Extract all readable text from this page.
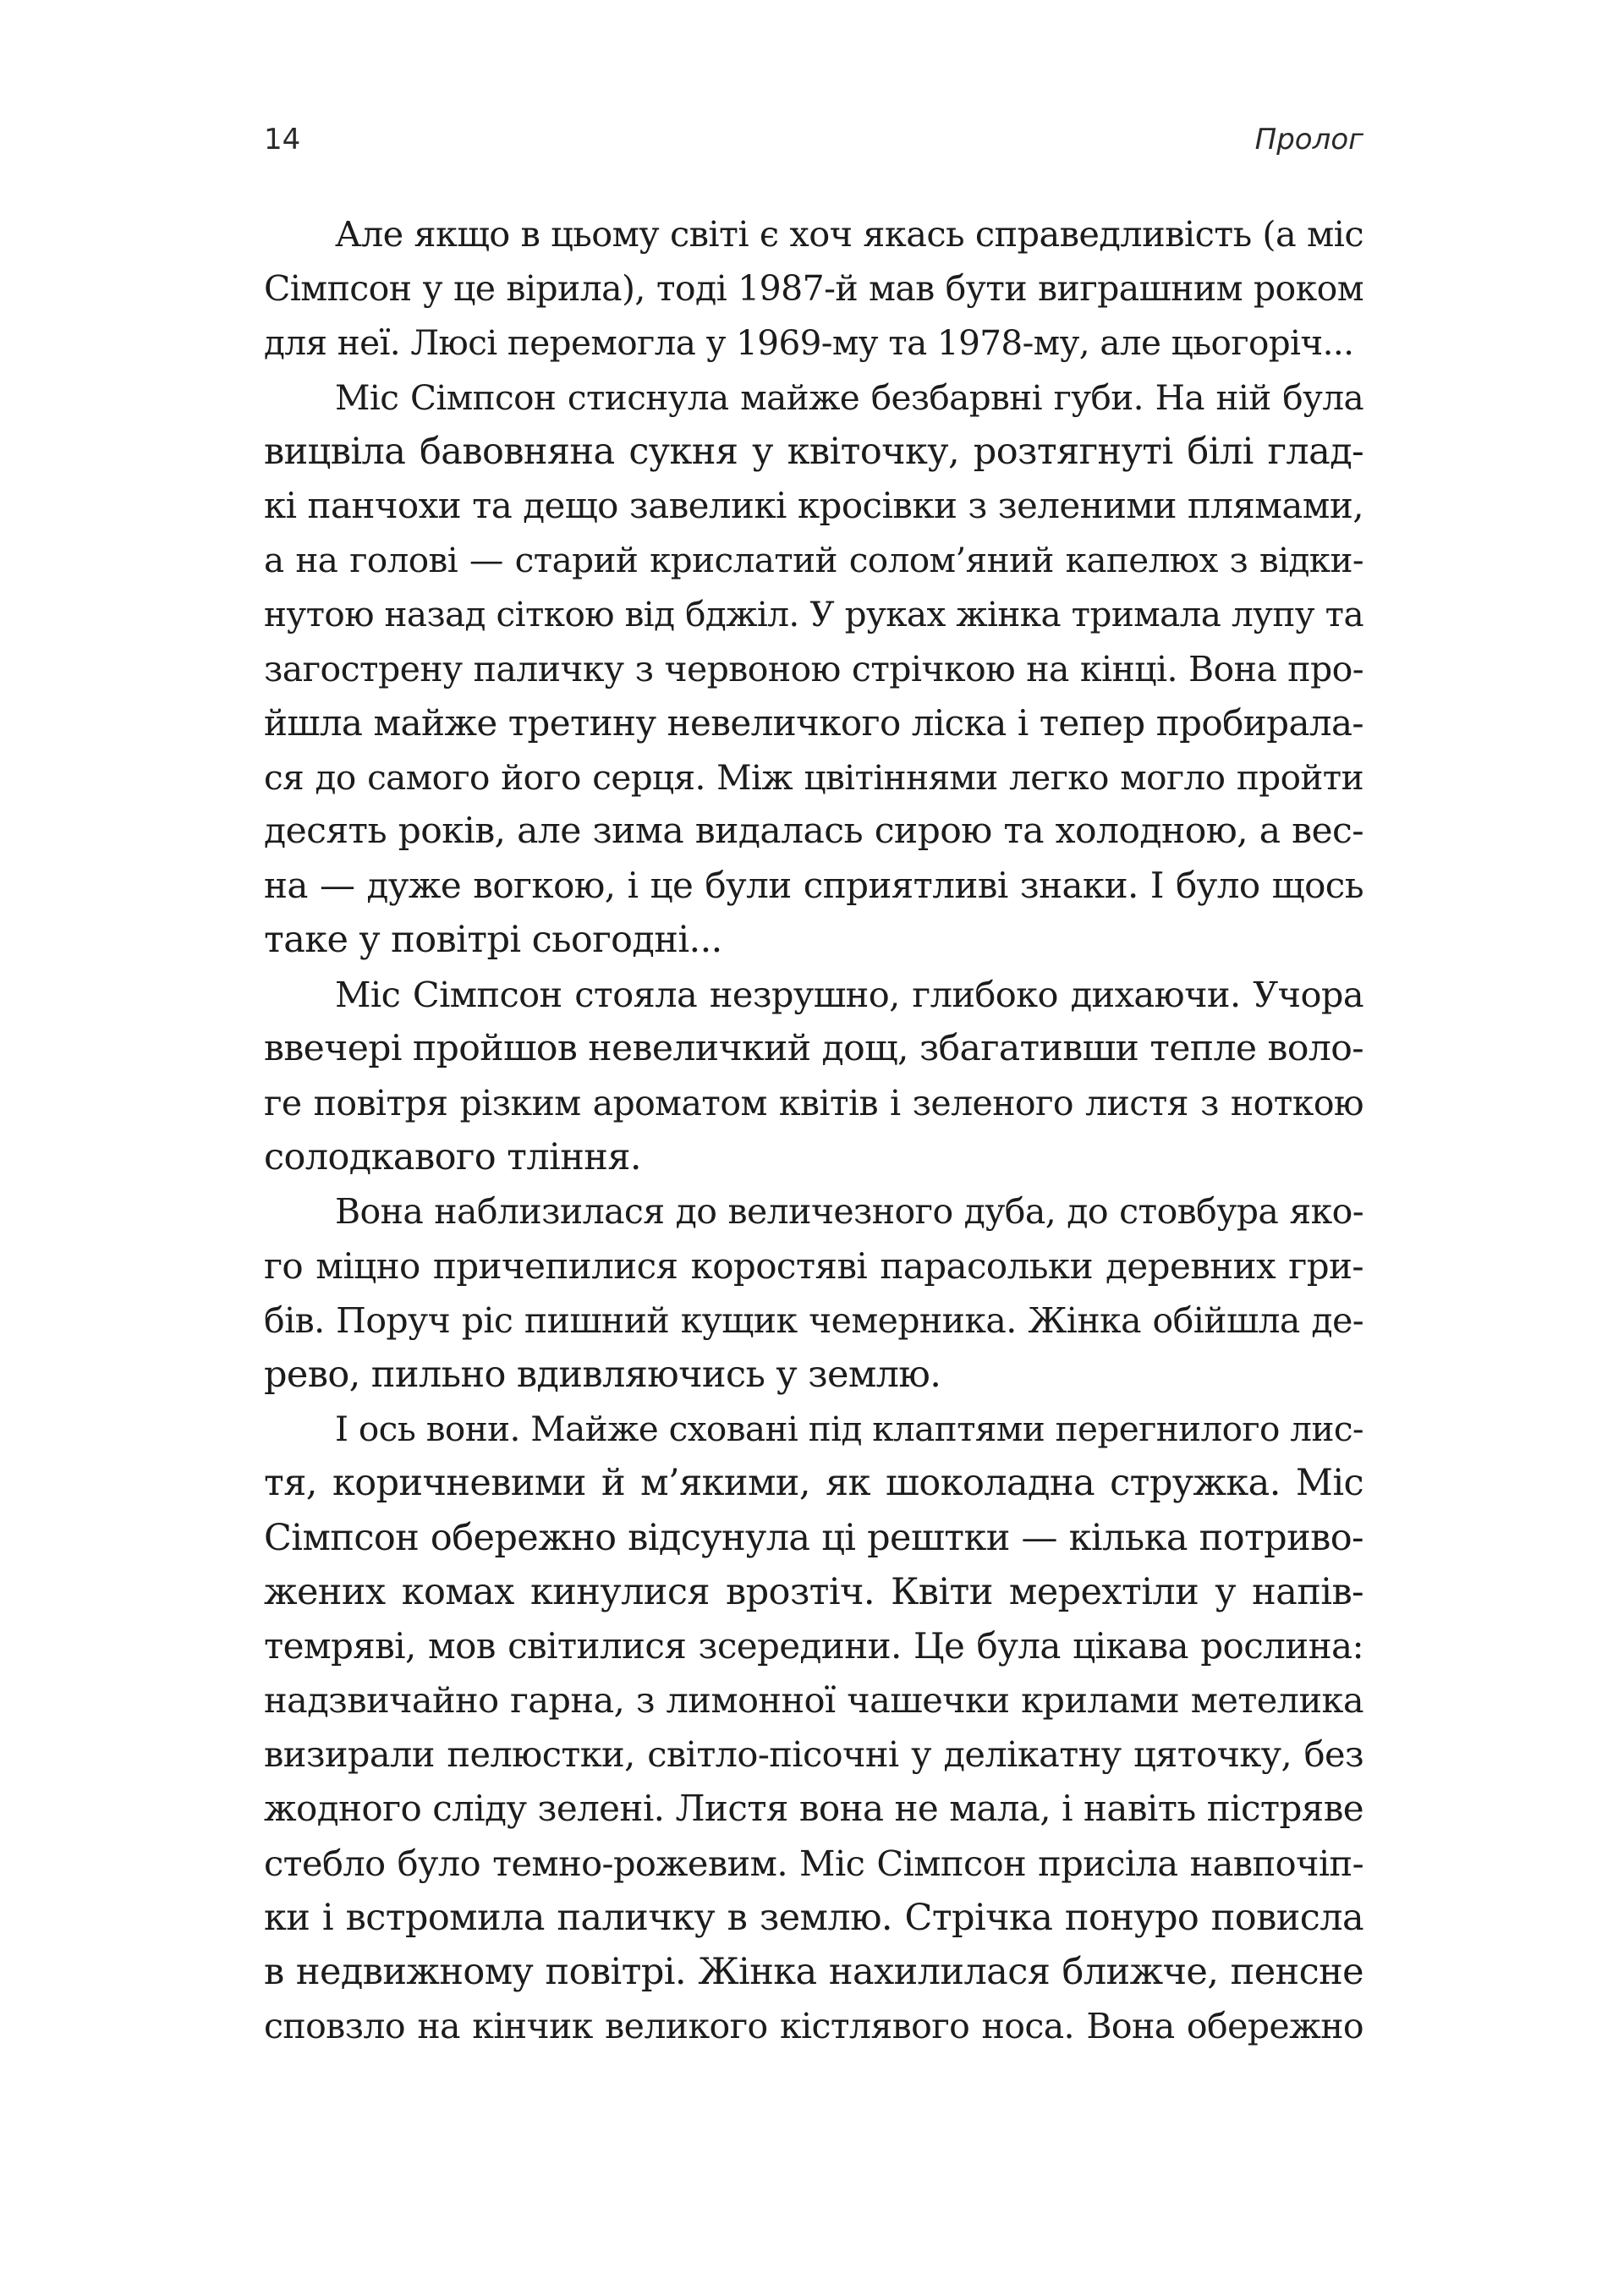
14	Пролог
Але якщо в цьому світі є хоч якась справедливість (а міс
Сімпсон у це вірила), тоді 1987-й мав бути виграшним роком
для неї. Люсі перемогла у 1969-му та 1978-му, але цьогоріч...
Міс Сімпсон стиснула майже безбарвні губи. На ній була
вицвіла бавовняна сукня у квіточку, розтягнуті білі глад-
кі панчохи та дещо завеликі кросівки з зеленими плямами,
а на голові — старий крислатий солом’яний капелюх з відки-
нутою назад сіткою від бджіл. У руках жінка тримала лупу та
загострену паличку з червоною стрічкою на кінці. Вона про-
йшла майже третину невеличкого ліска і тепер пробирала-
ся до самого його серця. Між цвітіннями легко могло пройти
десять років, але зима видалась сирою та холодною, а вес-
на — дуже вогкою, і це були сприятливі знаки. І було щось
таке у повітрі сьогодні...
Міс Сімпсон стояла незрушно, глибоко дихаючи. Учора
ввечері пройшов невеличкий дощ, збагативши тепле воло-
ге повітря різким ароматом квітів і зеленого листя з ноткою
солодкавого тління.
Вона наблизилася до величезного дуба, до стовбура яко-
го міцно причепилися коростяві парасольки деревних гри-
бів. Поруч ріс пишний кущик чемерника. Жінка обійшла де-
рево, пильно вдивляючись у землю.
І ось вони. Майже сховані під клаптями перегнилого лис-
тя, коричневими й м’якими, як шоколадна стружка. Міс
Сімпсон обережно відсунула ці рештки — кілька потриво-
жених комах кинулися врозтіч. Квіти мерехтіли у напів-
темряві, мов світилися зсередини. Це була цікава рослина:
надзвичайно гарна, з лимонної чашечки крилами метелика
визирали пелюстки, світло-пісочні у делікатну цяточку, без
жодного сліду зелені. Листя вона не мала, і навіть пістряве
стебло було темно-рожевим. Міс Сімпсон присіла навпочіп-
ки і встромила паличку в землю. Стрічка понуро повисла
в недвижному повітрі. Жінка нахилилася ближче, пенсне
сповзло на кінчик великого кістлявого носа. Вона обережно
